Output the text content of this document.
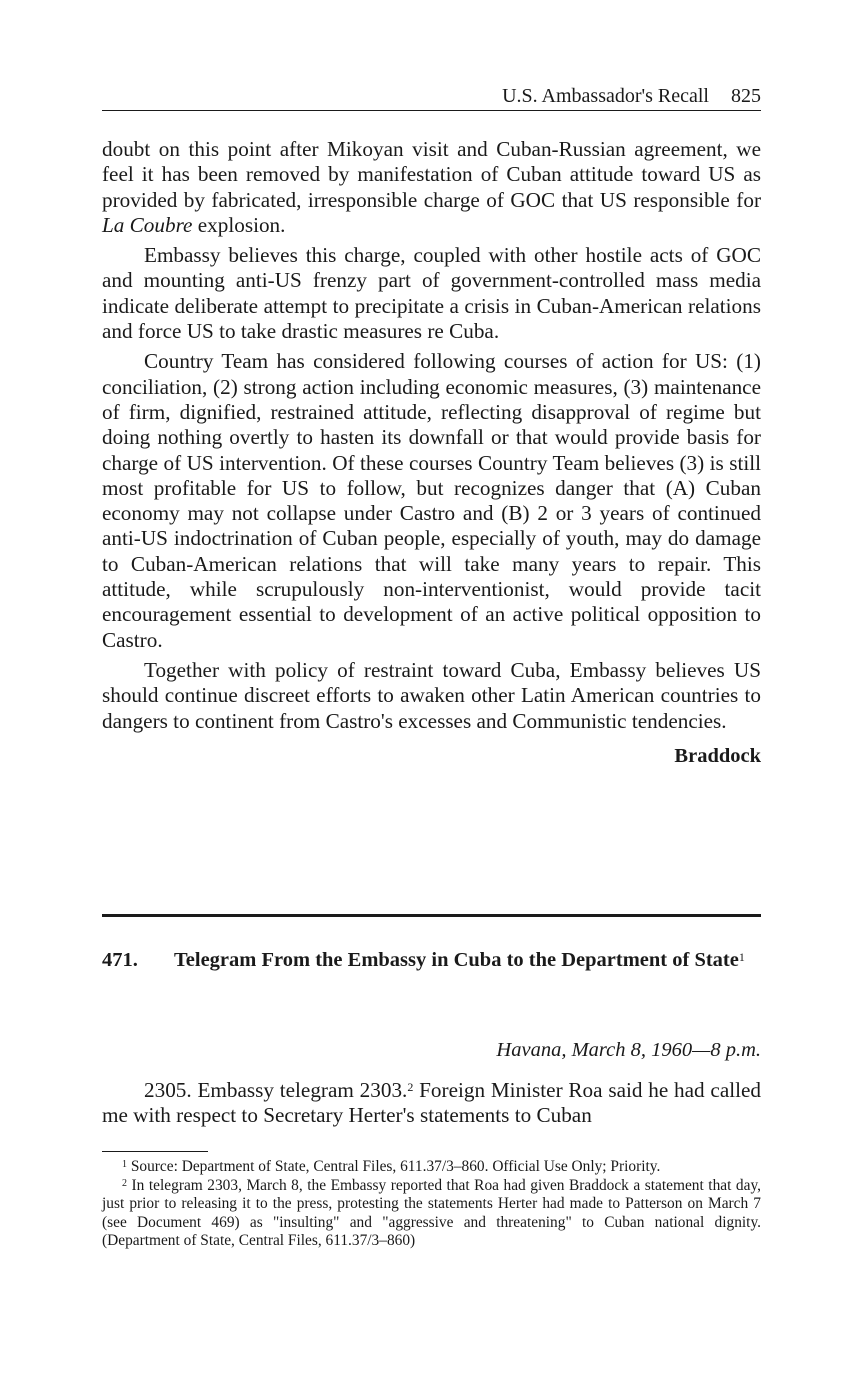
U.S. Ambassador's Recall 825

doubt on this point after Mikoyan visit and Cuban-Russian agreement, we feel it has been removed by manifestation of Cuban attitude toward US as provided by fabricated, irresponsible charge of GOC that US responsible for La Coubre explosion.

Embassy believes this charge, coupled with other hostile acts of GOC and mounting anti-US frenzy part of government-controlled mass media indicate deliberate attempt to precipitate a crisis in Cuban-American relations and force US to take drastic measures re Cuba.

Country Team has considered following courses of action for US: (1) conciliation, (2) strong action including economic measures, (3) maintenance of firm, dignified, restrained attitude, reflecting disapproval of regime but doing nothing overtly to hasten its downfall or that would provide basis for charge of US intervention. Of these courses Country Team believes (3) is still most profitable for US to follow, but recognizes danger that (A) Cuban economy may not collapse under Castro and (B) 2 or 3 years of continued anti-US indoctrination of Cuban people, especially of youth, may do damage to Cuban-American relations that will take many years to repair. This attitude, while scrupulously non-interventionist, would provide tacit encouragement essential to development of an active political opposition to Castro.

Together with policy of restraint toward Cuba, Embassy believes US should continue discreet efforts to awaken other Latin American countries to dangers to continent from Castro's excesses and Communistic tendencies.

Braddock
471.	Telegram From the Embassy in Cuba to the Department of State$^1$
Havana, March 8, 1960—8 p.m.

2305. Embassy telegram 2303.$^2$ Foreign Minister Roa said he had called me with respect to Secretary Herter's statements to Cuban

$^1$ Source: Department of State, Central Files, 611.37/3–860. Official Use Only; Priority.

$^2$ In telegram 2303, March 8, the Embassy reported that Roa had given Braddock a statement that day, just prior to releasing it to the press, protesting the statements Herter had made to Patterson on March 7 (see Document 469) as "insulting" and "aggressive and threatening" to Cuban national dignity. (Department of State, Central Files, 611.37/3–860)
